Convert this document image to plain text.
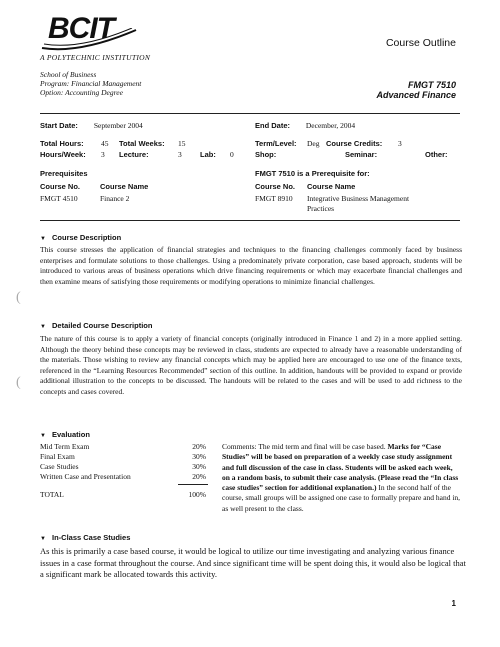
BCIT
A POLYTECHNIC INSTITUTION
Course Outline
School of Business
Program: Financial Management
Option: Accounting Degree
FMGT 7510
Advanced Finance
Start Date: September 2004	End Date: December, 2004
Total Hours: 45 Total Weeks: 15	Term/Level: Deg Course Credits: 3
Hours/Week: 3 Lecture:	3 Lab: 0	Shop:	Seminar:	Other:
Prerequisites
Course No.	Course Name
FMGT 4510	Finance 2
FMGT 7510 is a Prerequisite for:
Course No. Course Name
FMGT 8910 Integrative Business Management
Practices
▼ Course Description
This course stresses the application of financial strategies and techniques to the financing challenges commonly faced by business enterprises and formulate solutions to those challenges. Using a predominately private corporation, case based approach, students will be introduced to various areas of business operations which drive financing requirements or which may exacerbate financial challenges and then examine means of satisfying those requirements or modifying operations to minimize financial challenges.
(
▼ Detailed Course Description
The nature of this course is to apply a variety of financial concepts (originally introduced in Finance 1 and 2) in a more applied setting. Although the theory behind these concepts may be reviewed in class, students are expected to already have a reasonable understanding of the materials. Those wishing to review any financial concepts which may be applied here are encouraged to use one of the finance texts, referenced in the “Learning Resources Recommended” section of this outline. In addition, handouts will be provided to expand or provide additional illustration to the concepts to be discussed. The handouts will be related to the cases and will be used to add richness to the concepts and cases covered.
(
▼ Evaluation
Mid Term Exam	20%
Final Exam	30%
Case Studies	30%
Written Case and Presentation	20%
TOTAL	100%
Comments: The mid term and final will be case based. Marks for “Case Studies” will be based on preparation of a weekly case study assignment and full discussion of the case in class. Students will be asked each week, on a random basis, to submit their case analysis. (Please read the “In class case studies” section for additional explanation.) In the second half of the course, small groups will be assigned one case to formally prepare and hand in, as well present to the class.
▼ In-Class Case Studies
As this is primarily a case based course, it would be logical to utilize our time investigating and analyzing various finance issues in a case format throughout the course. And since significant time will be spent doing this, it would also be logical that a significant mark be allocated towards this activity.
1
